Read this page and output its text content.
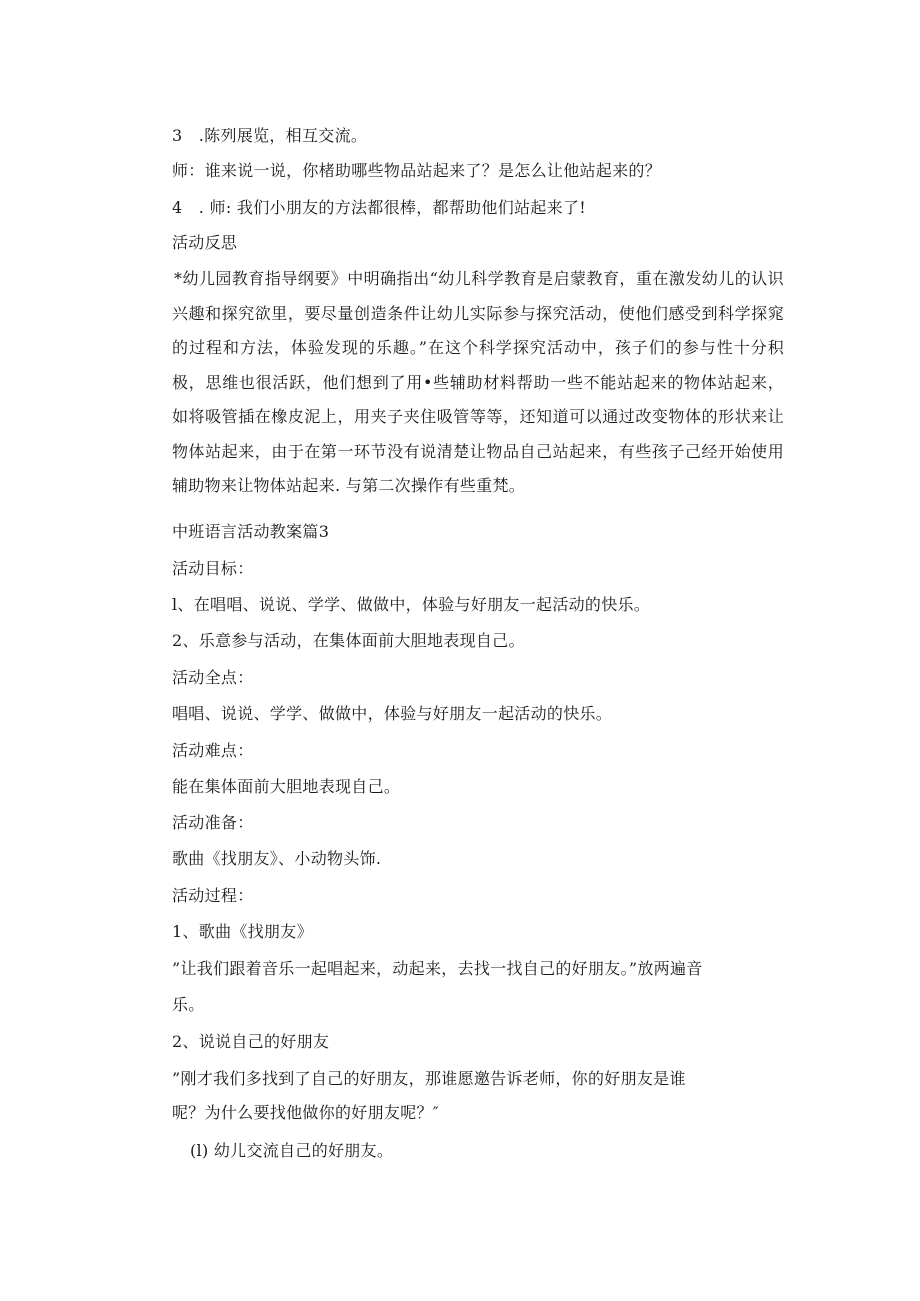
3　.陈列展览，相互交流。
师：谁来说一说，你楮助哪些物品站起来了？是怎么让他站起来的？
4　. 师: 我们小朋友的方法都很棒，都帮助他们站起来了!
活动反思
*幼儿园教育指导纲要》中明确指出“幼儿科学教育是启蒙教育，重在激发幼儿的认识兴趣和探究欲里，要尽量创造条件让幼儿实际参与探究活动，使他们感受到科学探窕的过程和方法，体验发现的乐趣。”在这个科学探究活动中，孩子们的参与性十分积极，思维也很活跃，他们想到了用•些辅助材料帮助一些不能站起来的物体站起来，如将吸管插在橡皮泥上，用夹子夹住吸管等等，还知道可以通过改变物体的形状来让物体站起来，由于在第一环节没有说清楚让物品自己站起来，有些孩子己经开始使用辅助物来让物体站起来. 与第二次操作有些重梵。
中班语言活动教案篇3
活动目标：
l、在唱唱、说说、学学、做做中，体验与好朋友一起活动的快乐。
2、乐意参与活动，在集体面前大胆地表现自己。
活动全点：
唱唱、说说、学学、做做中，体验与好朋友一起活动的快乐。
活动难点：
能在集体面前大胆地表现自己。
活动准备：
歌曲《找朋友》、小动物头饰.
活动过程：
1、歌曲《找朋友》
”让我们跟着音乐一起唱起来，动起来，去找一找自己的好朋友。”放两遍音
乐。
2、说说自己的好朋友
”刚才我们多找到了自己的好朋友，那谁愿邀告诉老师，你的好朋友是谁
呢？为什么要找他做你的好朋友呢？″
(l) 幼儿交流自己的好朋友。
